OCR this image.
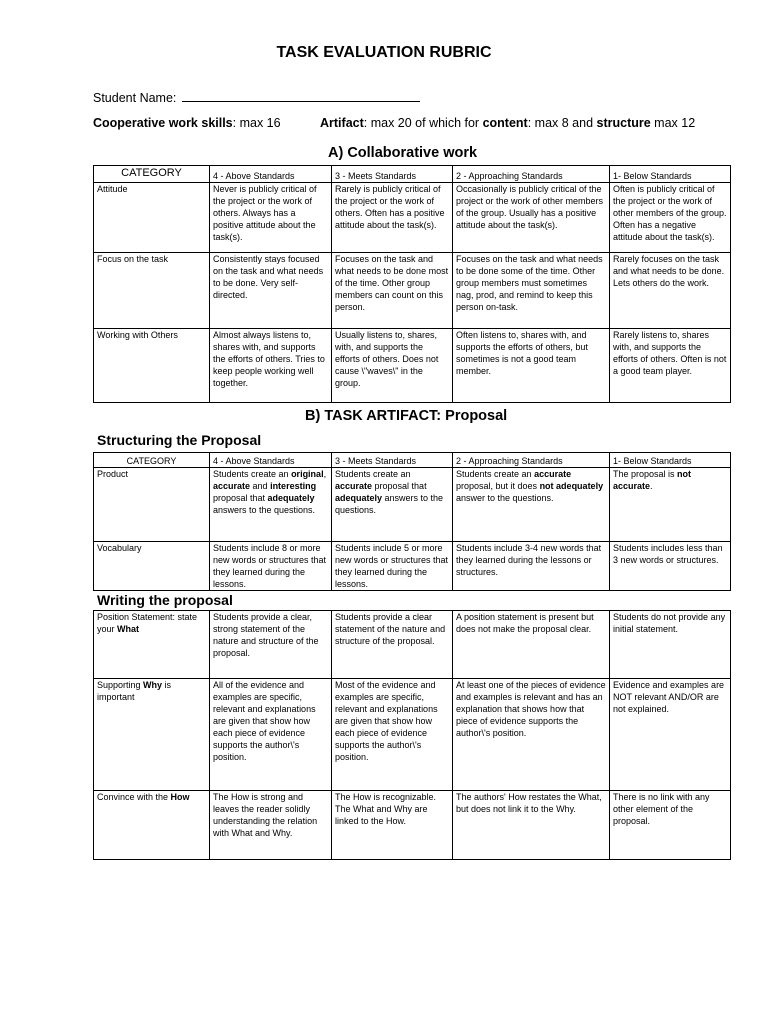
TASK EVALUATION RUBRIC
Student Name:
Cooperative work skills: max 16	Artifact: max 20 of which for content: max 8 and structure max 12
A) Collaborative work
CATEGORY	4 - Above Standards	3 - Meets Standards	2 - Approaching Standards	1- Below Standards
Attitude	Never is publicly critical of the project or the work of others. Always has a positive attitude about the task(s).	Rarely is publicly critical of the project or the work of others. Often has a positive attitude about the task(s).	Occasionally is publicly critical of the project or the work of other members of the group. Usually has a positive attitude about the task(s).	Often is publicly critical of the project or the work of other members of the group. Often has a negative attitude about the task(s).
Focus on the task	Consistently stays focused on the task and what needs to be done. Very self-directed.	Focuses on the task and what needs to be done most of the time. Other group members can count on this person.	Focuses on the task and what needs to be done some of the time. Other group members must sometimes nag, prod, and remind to keep this person on-task.	Rarely focuses on the task and what needs to be done. Lets others do the work.
Working with Others	Almost always listens to, shares with, and supports the efforts of others. Tries to keep people working well together.	Usually listens to, shares, with, and supports the efforts of others. Does not cause \"waves\" in the group.	Often listens to, shares with, and supports the efforts of others, but sometimes is not a good team member.	Rarely listens to, shares with, and supports the efforts of others. Often is not a good team player.
B) TASK ARTIFACT: Proposal
Structuring the Proposal
CATEGORY	4 - Above Standards	3 - Meets Standards	2 - Approaching Standards	1- Below Standards
Product	Students create an original, accurate and interesting proposal that adequately answers to the questions.	Students create an accurate proposal that adequately answers to the questions.	Students create an accurate proposal, but it does not adequately answer to the questions.	The proposal is not accurate.
Vocabulary	Students include 8 or more new words or structures that they learned during the lessons.	Students include 5 or more new words or structures that they learned during the lessons.	Students include 3-4 new words that they learned during the lessons or structures.	Students includes less than 3 new words or structures.
Writing the proposal
Position Statement: state your What	Students provide a clear, strong statement of the nature and structure of the proposal.	Students provide a clear statement of the nature and structure of the proposal.	A position statement is present but does not make the proposal clear.	Students do not provide any initial statement.
Supporting Why is important	All of the evidence and examples are specific, relevant and explanations are given that show how each piece of evidence supports the author\'s position.	Most of the evidence and examples are specific, relevant and explanations are given that show how each piece of evidence supports the author\'s position.	At least one of the pieces of evidence and examples is relevant and has an explanation that shows how that piece of evidence supports the author\'s position.	Evidence and examples are NOT relevant AND/OR are not explained.
Convince with the How	The How is strong and leaves the reader solidly understanding the relation with What and Why.	The How is recognizable. The What and Why are linked to the How.	The authors' How restates the What, but does not link it to the Why.	There is no link with any other element of the proposal.
